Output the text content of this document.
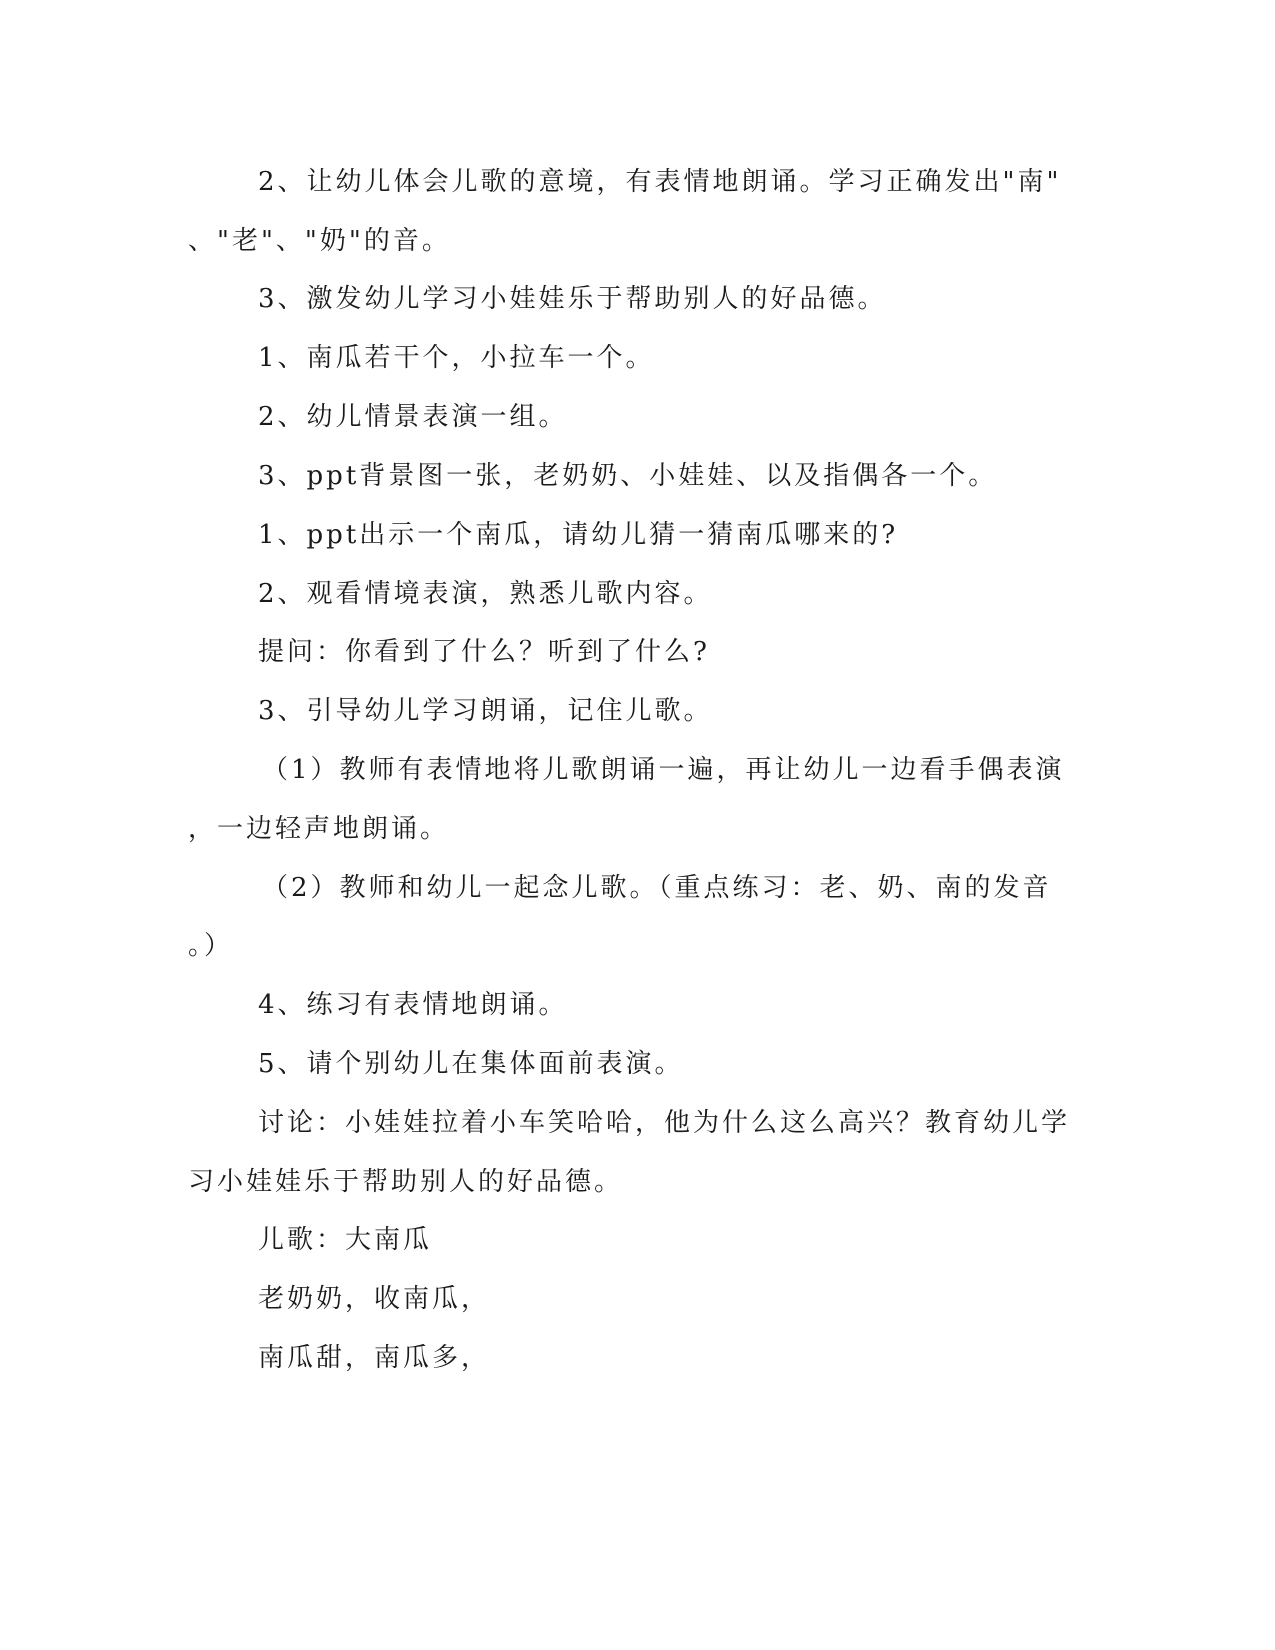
2、让幼儿体会儿歌的意境，有表情地朗诵。学习正确发出"南"
、"老"、"奶"的音。
3、激发幼儿学习小娃娃乐于帮助别人的好品德。
1、南瓜若干个，小拉车一个。
2、幼儿情景表演一组。
3、ppt背景图一张，老奶奶、小娃娃、以及指偶各一个。
1、ppt出示一个南瓜，请幼儿猜一猜南瓜哪来的?
2、观看情境表演，熟悉儿歌内容。
提问：你看到了什么？听到了什么?
3、引导幼儿学习朗诵，记住儿歌。
（1）教师有表情地将儿歌朗诵一遍，再让幼儿一边看手偶表演
，一边轻声地朗诵。
（2）教师和幼儿一起念儿歌。（重点练习：老、奶、南的发音
。）
4、练习有表情地朗诵。
5、请个别幼儿在集体面前表演。
讨论：小娃娃拉着小车笑哈哈，他为什么这么高兴？教育幼儿学
习小娃娃乐于帮助别人的好品德。
儿歌：大南瓜
老奶奶，收南瓜，
南瓜甜，南瓜多，
